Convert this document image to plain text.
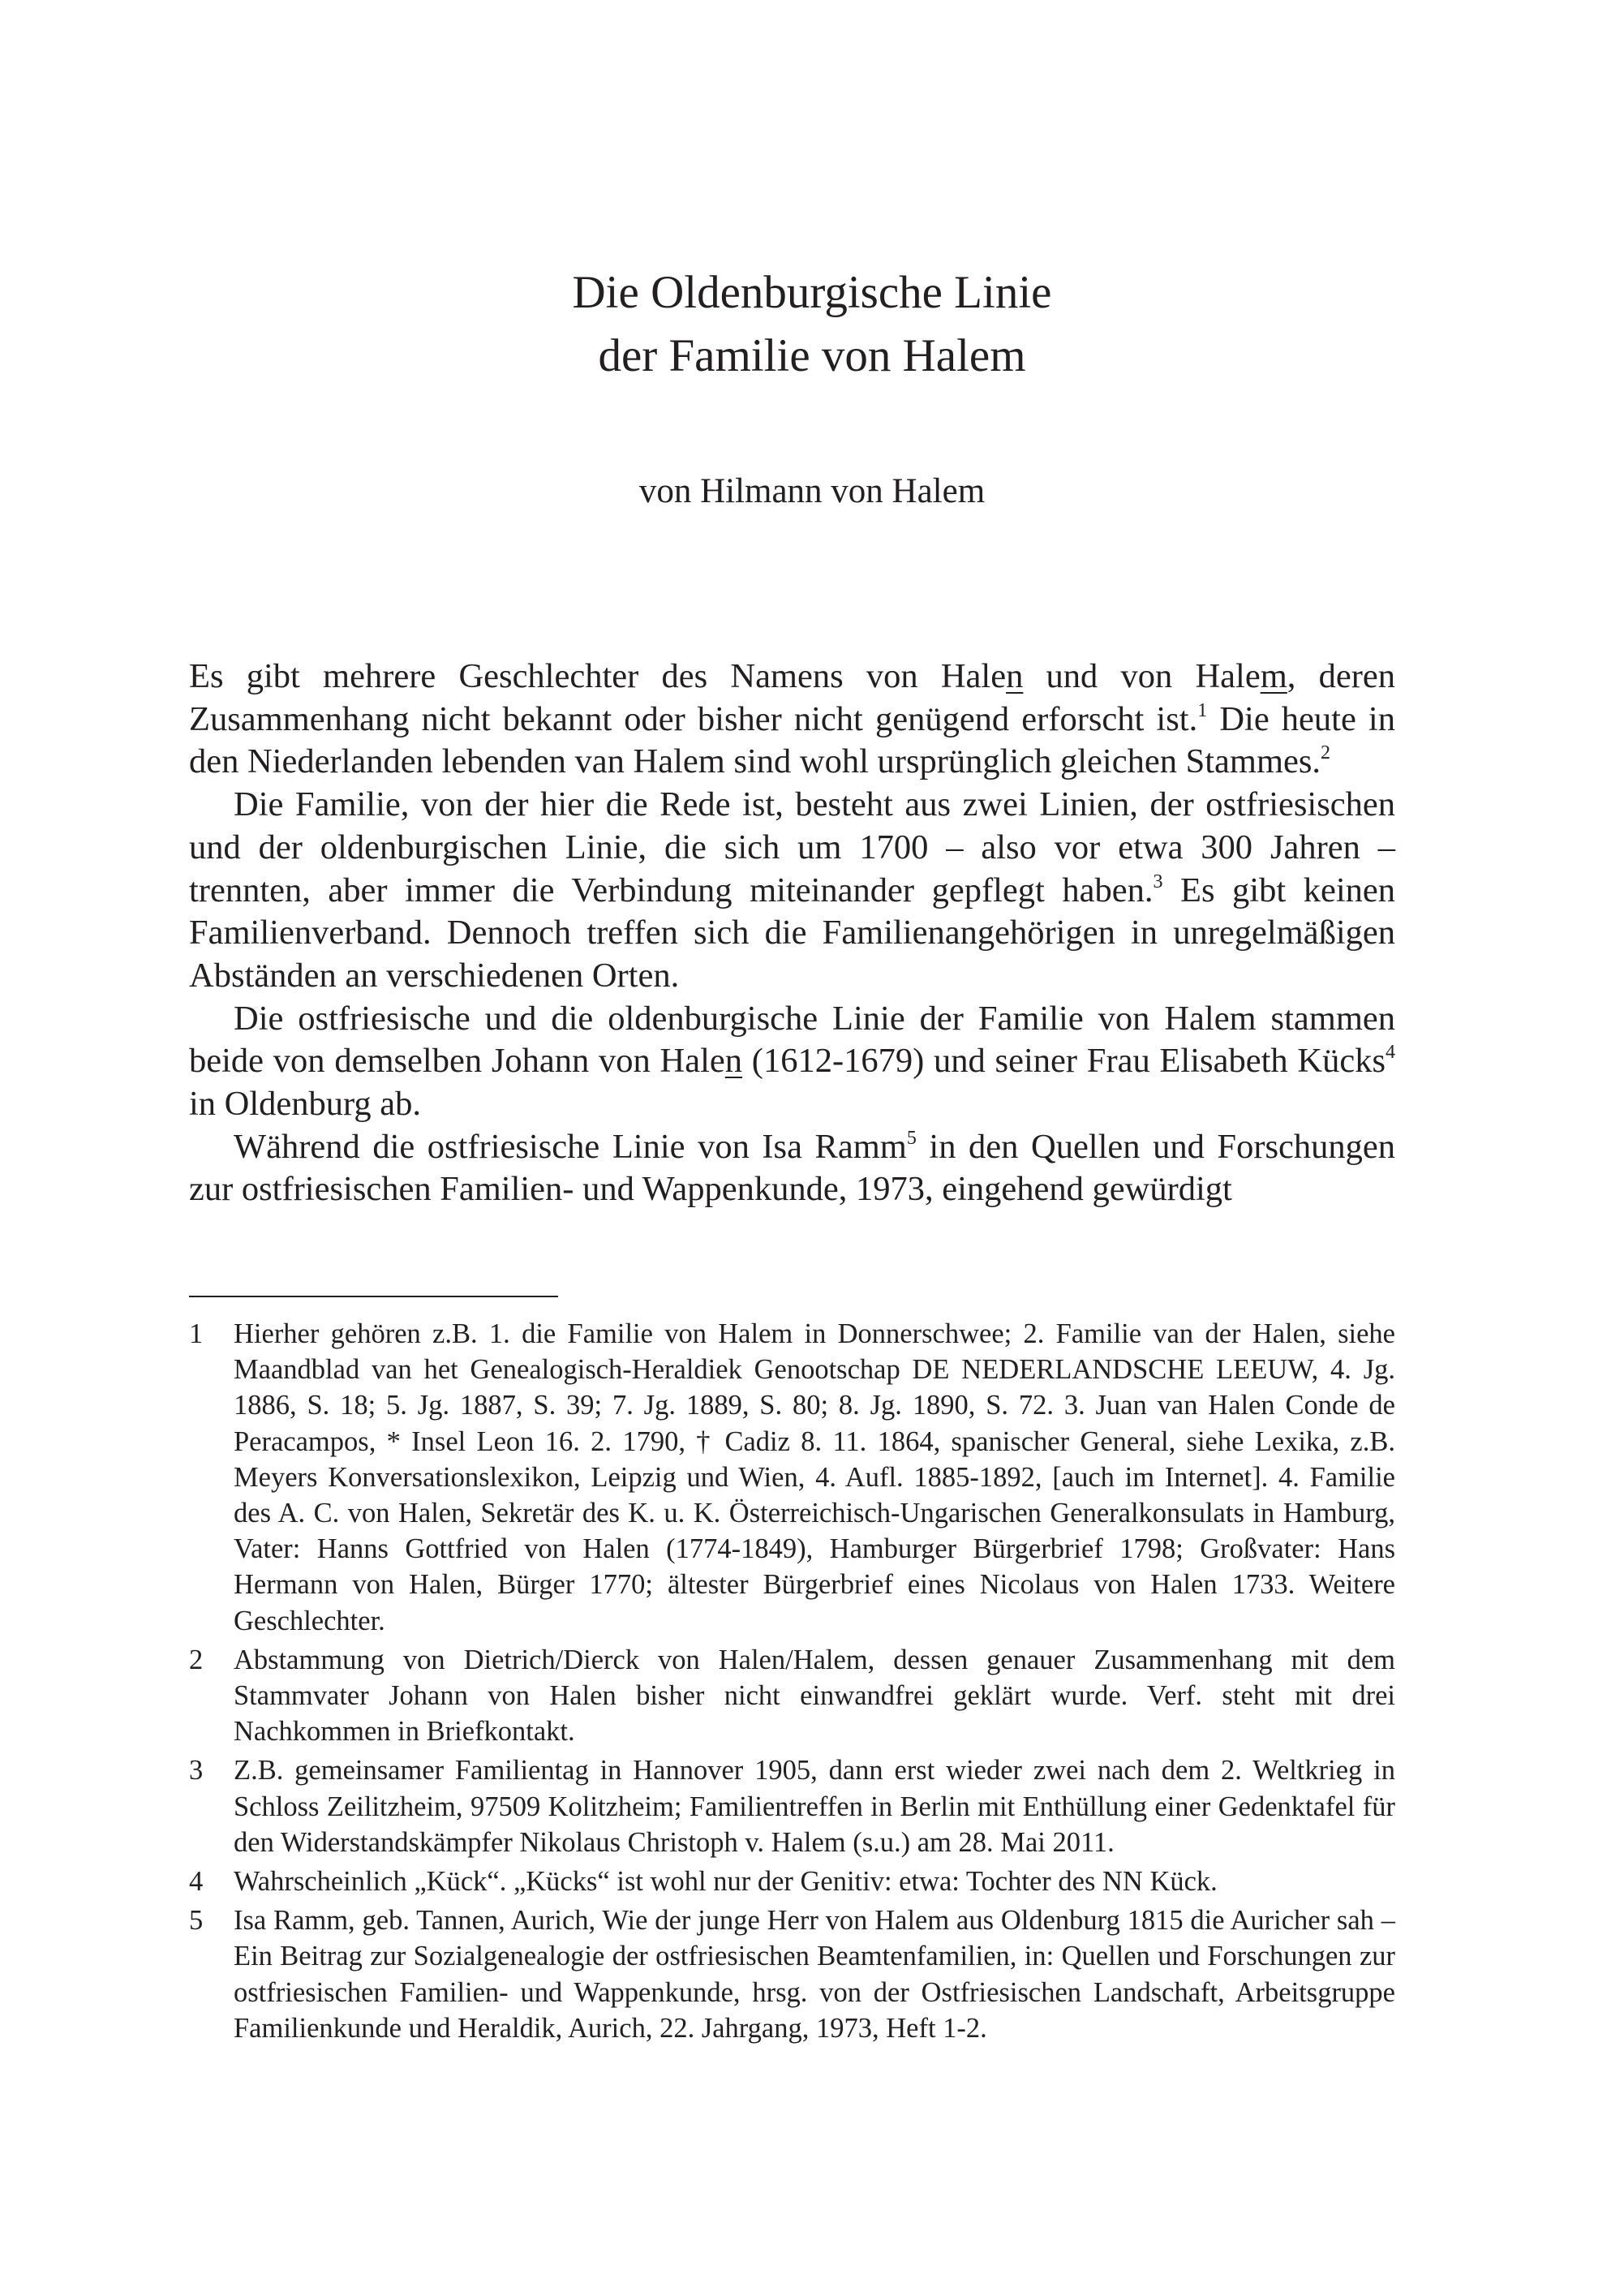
Die Oldenburgische Linie
der Familie von Halem
von Hilmann von Halem

Es gibt mehrere Geschlechter des Namens von Halen und von Halem, deren Zusammenhang nicht bekannt oder bisher nicht genügend erforscht ist.$^1$ Die heute in den Niederlanden lebenden van Halem sind wohl ursprünglich gleichen Stammes.$^2$

Die Familie, von der hier die Rede ist, besteht aus zwei Linien, der ostfriesischen und der oldenburgischen Linie, die sich um 1700 – also vor etwa 300 Jahren – trennten, aber immer die Verbindung miteinander gepflegt haben.$^3$ Es gibt keinen Familienverband. Dennoch treffen sich die Familienangehörigen in unregelmäßigen Abständen an verschiedenen Orten.

Die ostfriesische und die oldenburgische Linie der Familie von Halem stammen beide von demselben Johann von Halen (1612-1679) und seiner Frau Elisabeth Kücks$^4$ in Oldenburg ab.

Während die ostfriesische Linie von Isa Ramm$^5$ in den Quellen und Forschungen zur ostfriesischen Familien- und Wappenkunde, 1973, eingehend gewürdigt

1 Hierher gehören z.B. 1. die Familie von Halem in Donnerschwee; 2. Familie van der Halen, siehe Maandblad van het Genealogisch-Heraldiek Genootschap DE NEDERLANDSCHE LEEUW, 4. Jg. 1886, S. 18; 5. Jg. 1887, S. 39; 7. Jg. 1889, S. 80; 8. Jg. 1890, S. 72. 3. Juan van Halen Conde de Peracampos, * Insel Leon 16. 2. 1790, † Cadiz 8. 11. 1864, spanischer General, siehe Lexika, z.B. Meyers Konversationslexikon, Leipzig und Wien, 4. Aufl. 1885-1892, [auch im Internet]. 4. Familie des A. C. von Halen, Sekretär des K. u. K. Österreichisch-Ungarischen Generalkonsulats in Hamburg, Vater: Hanns Gottfried von Halen (1774-1849), Hamburger Bürgerbrief 1798; Großvater: Hans Hermann von Halen, Bürger 1770; ältester Bürgerbrief eines Nicolaus von Halen 1733. Weitere Geschlechter.
2 Abstammung von Dietrich/Dierck von Halen/Halem, dessen genauer Zusammenhang mit dem Stammvater Johann von Halen bisher nicht einwandfrei geklärt wurde. Verf. steht mit drei Nachkommen in Briefkontakt.
3 Z.B. gemeinsamer Familientag in Hannover 1905, dann erst wieder zwei nach dem 2. Weltkrieg in Schloss Zeilitzheim, 97509 Kolitzheim; Familientreffen in Berlin mit Enthüllung einer Gedenktafel für den Widerstandskämpfer Nikolaus Christoph v. Halem (s.u.) am 28. Mai 2011.
4 Wahrscheinlich „Kück“. „Kücks“ ist wohl nur der Genitiv: etwa: Tochter des NN Kück.
5 Isa Ramm, geb. Tannen, Aurich, Wie der junge Herr von Halem aus Oldenburg 1815 die Auricher sah – Ein Beitrag zur Sozialgenealogie der ostfriesischen Beamtenfamilien, in: Quellen und Forschungen zur ostfriesischen Familien- und Wappenkunde, hrsg. von der Ostfriesischen Landschaft, Arbeitsgruppe Familienkunde und Heraldik, Aurich, 22. Jahrgang, 1973, Heft 1-2.
